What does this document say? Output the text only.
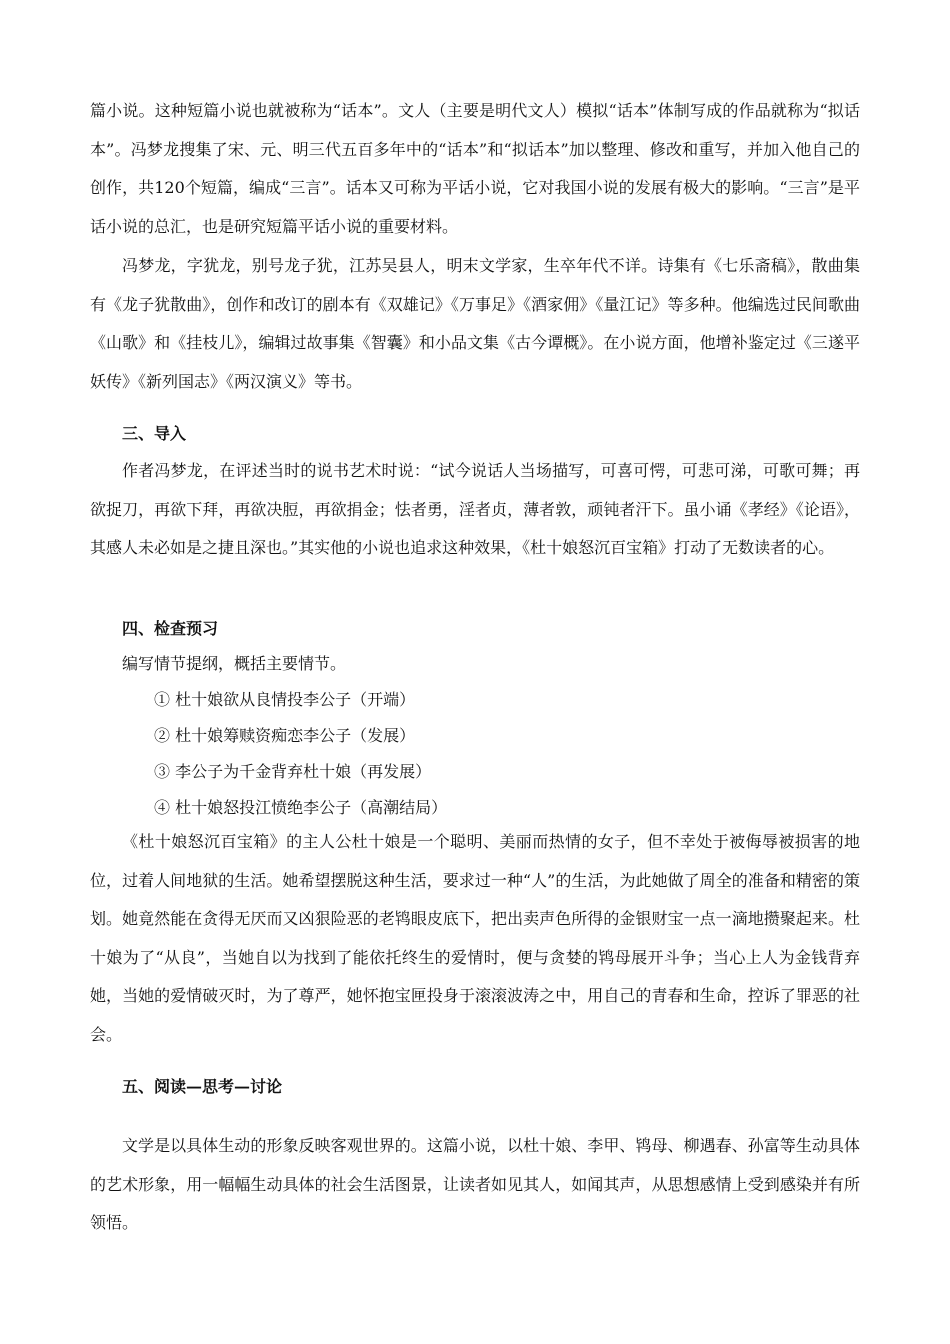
篇小说。这种短篇小说也就被称为“话本”。文人（主要是明代文人）模拟“话本”体制写成的作品就称为“拟话本”。冯梦龙搜集了宋、元、明三代五百多年中的“话本”和“拟话本”加以整理、修改和重写，并加入他自己的创作，共120个短篇，编成“三言”。话本又可称为平话小说，它对我国小说的发展有极大的影响。“三言”是平话小说的总汇，也是研究短篇平话小说的重要材料。

冯梦龙，字犹龙，别号龙子犹，江苏吴县人，明末文学家，生卒年代不详。诗集有《七乐斋稿》，散曲集有《龙子犹散曲》，创作和改订的剧本有《双雄记》《万事足》《酒家佣》《量江记》等多种。他编选过民间歌曲《山歌》和《挂枝儿》，编辑过故事集《智囊》和小品文集《古今谭概》。在小说方面，他增补鉴定过《三遂平妖传》《新列国志》《两汉演义》等书。

三、导入

作者冯梦龙，在评述当时的说书艺术时说：“试今说话人当场描写，可喜可愕，可悲可涕，可歌可舞；再欲捉刀，再欲下拜，再欲决脰，再欲捐金；怯者勇，淫者贞，薄者敦，顽钝者汗下。虽小诵《孝经》《论语》，其感人未必如是之捷且深也。”其实他的小说也追求这种效果，《杜十娘怒沉百宝箱》打动了无数读者的心。

四、检查预习

编写情节提纲，概括主要情节。

① 杜十娘欲从良情投李公子（开端）

② 杜十娘筹赎资痴恋李公子（发展）

③ 李公子为千金背弃杜十娘（再发展）

④ 杜十娘怒投江愤绝李公子（高潮结局）

《杜十娘怒沉百宝箱》的主人公杜十娘是一个聪明、美丽而热情的女子，但不幸处于被侮辱被损害的地位，过着人间地狱的生活。她希望摆脱这种生活，要求过一种“人”的生活，为此她做了周全的准备和精密的策划。她竟然能在贪得无厌而又凶狠险恶的老鸨眼皮底下，把出卖声色所得的金银财宝一点一滴地攒聚起来。杜十娘为了“从良”，当她自以为找到了能依托终生的爱情时，便与贪婪的鸨母展开斗争；当心上人为金钱背弃她，当她的爱情破灭时，为了尊严，她怀抱宝匣投身于滚滚波涛之中，用自己的青春和生命，控诉了罪恶的社会。

五、阅读—思考—讨论

文学是以具体生动的形象反映客观世界的。这篇小说，以杜十娘、李甲、鸨母、柳遇春、孙富等生动具体的艺术形象，用一幅幅生动具体的社会生活图景，让读者如见其人，如闻其声，从思想感情上受到感染并有所领悟。
